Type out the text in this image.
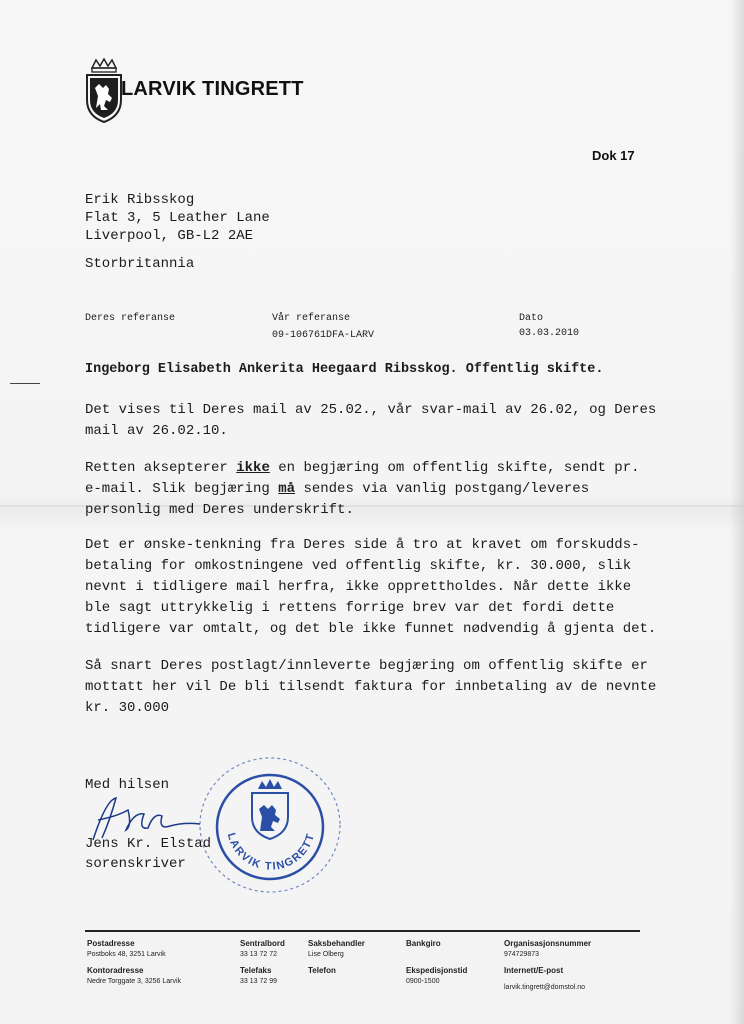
LARVIK TINGRETT
Dok 17
Erik Ribsskog
Flat 3, 5 Leather Lane
Liverpool, GB-L2 2AE
Storbritannia
Deres referanse	Vår referanse
09-106761DFA-LARV
Dato
03.03.2010
Ingeborg Elisabeth Ankerita Heegaard Ribsskog. Offentlig skifte.
Det vises til Deres mail av 25.02., vår svar-mail av 26.02, og Deres
mail av 26.02.10.
Retten aksepterer ikke en begjæring om offentlig skifte, sendt pr.
e-mail. Slik begjæring må sendes via vanlig postgang/leveres
personlig med Deres underskrift.
Det er ønske-tenkning fra Deres side å tro at kravet om forskudds-
betaling for omkostningene ved offentlig skifte, kr. 30.000, slik
nevnt i tidligere mail herfra, ikke opprettholdes. Når dette ikke
ble sagt uttrykkelig i rettens forrige brev var det fordi dette
tidligere var omtalt, og det ble ikke funnet nødvendig å gjenta det.
Så snart Deres postlagt/innleverte begjæring om offentlig skifte er
mottatt her vil De bli tilsendt faktura for innbetaling av de nevnte
kr. 30.000
Med hilsen
Jens Kr. Elstad
sorenskriver
LARVIK TINGRETT
Postadresse
Postboks 48, 3251 Larvik
Kontoradresse
Nedre Torggate 3, 3256 Larvik
Sentralbord
33 13 72 72
Telefaks
33 13 72 99
Saksbehandler
Lise Olberg
Telefon
Bankgiro
Ekspedisjonstid
0900-1500
Organisasjonsnummer
974729873
Internett/E-post
larvik.tingrett@domstol.no
